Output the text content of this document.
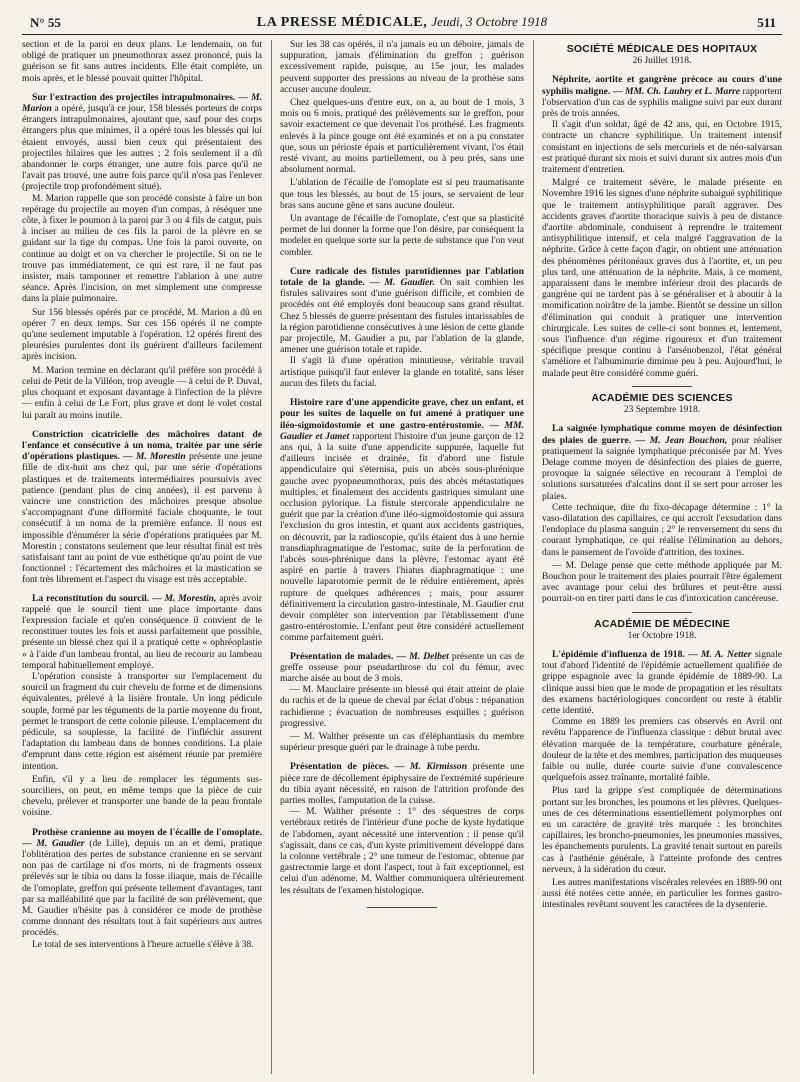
N° 55	LA PRESSE MÉDICALE, Jeudi, 3 Octobre 1918	511

section et de la paroi en deux plans. Le lendemain, on fut obligé de pratiquer un pneumothorax assez prononcé, puis la guérison se fit sans autres incidents. Elle était complète, un mois après, et le blessé pouvait quitter l'hôpital.

Sur l'extraction des projectiles intrapulmonaires. — M. Marion a opéré, jusqu'à ce jour, 158 blessés porteurs de corps étrangers intrapulmonaires, ajoutant que, sauf pour des corps étrangers plus que minimes, il a opéré tous les blessés qui lui étaient envoyés, aussi bien ceux qui présentaient des projectiles hilaires que les autres ; 2 fois seulement il a dû abandonner le corps étranger, une autre fois parce qu'il ne l'avait pas trouvé, une autre fois parce qu'il n'osa pas l'enlever (projectile trop profondément situé).

M. Marion rappelle que son procédé consiste à faire un bon repérage du projectile au moyen d'un compas, à réséquer une côte, à fixer le poumon à la paroi par 3 ou 4 fils de catgut, puis à inciser au milieu de ces fils la paroi de la plèvre en se guidant sur la tige du compas. Une fois la paroi ouverte, on continue au doigt et on va chercher le projectile. Si on ne le trouve pas immédiatement, ce qui est rare, il ne faut pas insister, mais tamponner et remettre l'ablation à une autre séance. Après l'incision, on met simplement une compresse dans la plaie pulmonaire.

Sur 156 blessés opérés par ce procédé, M. Marion a dû en opérer 7 en deux temps. Sur ces 156 opérés il ne compte qu'une seulement imputable à l'opération. 12 opérés firent des pleurésies purulentes dont ils guérirent d'ailleurs facilement après incision.

M. Marion termine en déclarant qu'il préfère son procédé à celui de Petit de la Villéon, trop aveugle — à celui de P. Duval, plus choquant et exposant davantage à l'infection de la plèvre — enfin à celui de Le Fort, plus grave et dont le volet costal lui paraît au moins inutile.

Constriction cicatricielle des mâchoires datant de l'enfance et consécutive à un noma, traitée par une série d'opérations plastiques. — M. Morestin présente une jeune fille de dix-huit ans chez qui, par une série d'opérations plastiques et de traitements intermédiaires poursuivis avec patience (pendant plus de cinq années), il est parvenu à vaincre une constriction des mâchoires presque absolue s'accompagnant d'une difformité faciale choquante, le tout consécutif à un noma de la première enfance. Il nous est impossible d'énumérer la série d'opérations pratiquées par M. Morestin ; constatons seulement que leur résultat final est très satisfaisant tant au point de vue esthétique qu'au point de vue fonctionnel : l'écartement des mâchoires et la mastication se font très librement et l'aspect du visage est très acceptable.
La reconstitution du sourcil. — M. Morestin, après avoir rappelé que le sourcil tient une place importante dans l'expression faciale et qu'en conséquence il convient de le reconstituer toutes les fois et aussi parfaitement que possible, présente un blessé chez qui il a pratiqué cette « ophréoplastie » à l'aide d'un lambeau frontal, au lieu de recourir au lambeau temporal habituellement employé.

L'opération consiste à transporter sur l'emplacement du sourcil un fragment du cuir chevelu de forme et de dimensions équivalentes, prélevé à la lisière frontale. Un long pédicule souple, formé par les téguments de la partie moyenne du front, permet le transport de cette colonie pileuse. L'emplacement du pédicule, sa souplesse, la facilité de l'infléchir assurent l'adaptation du lambeau dans de bonnes conditions. La plaie d'emprunt dans cette région est aisément réunie par première intention.

Enfin, s'il y a lieu de remplacer les téguments sus-sourciliers, on peut, en même temps que la pièce de cuir chevelu, prélever et transporter une bande de la peau frontale voisine.

Prothèse cranienne au moyen de l'écaille de l'omoplate. — M. Gaudier (de Lille), depuis un an et demi, pratique l'oblitération des pertes de substance cranienne en se servant non pas de cartilage ni d'os morts, ni de fragments osseux prélevés sur le tibia ou dans la fosse iliaque, mais de l'écaille de l'omoplate, greffon qui présente tellement d'avantages, tant par sa malléabilité que par la facilité de son prélèvement, que M. Gaudier n'hésite pas à considérer ce mode de prothèse comme donnant des résultats tout à fait supérieurs aux autres procédés.

Le total de ses interventions à l'heure actuelle s'élève à 38.

Sur les 38 cas opérés, il n'a jamais eu un déboire, jamais de suppuration, jamais d'élimination du greffon ; guérison excessivement rapide, puisque, au 15e jour, les malades peuvent supporter des pressions au niveau de la prothèse sans accuser aucune douleur.

Chez quelques-uns d'entre eux, on a, au bout de 1 mois, 3 mois ou 6 mois, pratiqué des prélèvements sur le greffon, pour savoir exactement ce que devenait l'os prothésé. Les fragments enlevés à la pince gouge ont été examinés et on a pu constater que, sous un périoste épais et particulièrement vivant, l'os était resté vivant, au moins partiellement, ou à peu près, sans une absolument normal.

L'ablation de l'écaille de l'omoplate est si peu traumatisante que tous les blessés, au bout de 15 jours, se servaient de leur bras sans aucune gêne et sans aucune douleur.

Un avantage de l'écaille de l'omoplate, c'est que sa plasticité permet de lui donner la forme que l'on désire, par conséquent la modeler en quelque sorte sur la perte de substance que l'on veut combler.

Cure radicale des fistules parotidiennes par l'ablation totale de la glande. — M. Gaudier. On sait combien les fistules salivaires sont d'une guérison difficile, et combien de procédés ont été employés dont beaucoup sans grand résultat. Chez 5 blessés de guerre présentant des fistules intarissables de la région parotidienne consécutives à une lésion de cette glande par projectile, M. Gaudier a pu, par l'ablation de la glande, amener une guérison totale et rapide.

Il s'agit là d'une opération minutieuse, véritable travail artistique puisqu'il faut enlever la glande en totalité, sans léser aucun des filets du facial.

Histoire rare d'une appendicite grave, chez un enfant, et pour les suites de laquelle on fut amené à pratiquer une iléo-sigmoïdostomie et une gastro-entérostomie. — MM. Gaudier et Jamet rapportent l'histoire d'un jeune garçon de 12 ans qui, à la suite d'une appendicite suppurée, laquelle fut d'ailleurs incisée et drainée, fit d'abord une fistule appendiculaire qui s'éternisa, puis un abcès sous-phrénique gauche avec pyopneumothorax, puis des abcès métastatiques multiples, et finalement des accidents gastriques simulant une occlusion pylorique. La fistule stercorale appendiculaire ne guérit que par la création d'une iléo-sigmoïdostomie qui assura l'exclusion du gros intestin, et quant aux accidents gastriques, on découvrit, par la radioscopie, qu'ils étaient dus à une hernie transdiaphragmatique de l'estomac, suite de la perforation de l'abcès sous-phrénique dans la plèvre, l'estomac ayant été aspiré en partie à travers l'hiatus diaphragmatique : une nouvelle laparotomie permit de le réduire entièrement, après rupture de quelques adhérences ; mais, pour assurer définitivement la circulation gastro-intestinale, M. Gaudier crut devoir compléter son intervention par l'établissement d'une gastro-entérostomie. L'enfant peut être considéré actuellement comme parfaitement guéri.
Présentation de malades. — M. Delbet présente un cas de greffe osseuse pour pseudarthrose du col du fémur, avec marche aisée au bout de 3 mois.

— M. Mauclaire présente un blessé qui était atteint de plaie du rachis et de la queue de cheval par éclat d'obus : trépanation rachidienne ; évacuation de nombreuses esquilles ; guérison progressive.

— M. Walther présente un cas d'éléphantiasis du membre supérieur presque guéri par le drainage à tube perdu.

Présentation de pièces. — M. Kirmisson présente une pièce rare de décollement épiphysaire de l'extrémité supérieure du tibia ayant nécessité, en raison de l'attrition profonde des parties molles, l'amputation de la cuisse.

— M. Walther présente : 1° des séquestres de corps vertébraux retirés de l'intérieur d'une poche de kyste hydatique de l'abdomen, ayant nécessité une intervention : il pense qu'il s'agissait, dans ce cas, d'un kyste primitivement développé dans la colonne vertébrale ; 2° une tumeur de l'estomac, obtenue par gastrectomie large et dont l'aspect, tout à fait exceptionnel, est celui d'un adénome. M. Walther communiquera ultérieurement les résultats de l'examen histologique.

SOCIÉTÉ MÉDICALE DES HOPITAUX
26 Juillet 1918.
Néphrite, aortite et gangrène précoce au cours d'une syphilis maligne. — MM. Ch. Laubry et L. Marre rapportent l'observation d'un cas de syphilis maligne suivi par eux durant près de trois années.

Il s'agit d'un soldat, âgé de 42 ans, qui, en Octobre 1915, contracte un chancre syphilitique. Un traitement intensif consistant en injections de sels mercuriels et de néo-salvarsan est pratiqué durant six mois et suivi durant six autres mois d'un traitement d'entretien.

Malgré ce traitement sévère, le malade présente en Novembre 1916 les signes d'une néphrite subaiguë syphilitique que le traitement antisyphilitique paraît aggraver. Des accidents graves d'aortite thoracique suivis à peu de distance d'aortite abdominale, conduisent à reprendre le traitement antisyphilitique intensif, et cela malgré l'aggravation de la néphrite. Grâce à cette façon d'agir, on obtient une atténuation des phénomènes péritonéaux graves dus à l'aortite, et, un peu plus tard, une atténuation de la néphrite. Mais, à ce moment, apparaissent dans le membre inférieur droit des placards de gangrène qui ne tardent pas à se généraliser et à aboutir à la momification noirâtre de la jambe. Bientôt se dessine un sillon d'élimination qui conduit à pratiquer une intervention chirurgicale. Les suites de celle-ci sont bonnes et, lentement, sous l'influence d'un régime rigoureux et d'un traitement spécifique presque continu à l'arsénobenzol, l'état général s'améliore et l'albuminurie diminue peu à peu. Aujourd'hui, le malade peut être considéré comme guéri.

ACADÉMIE DES SCIENCES
23 Septembre 1918.
La saignée lymphatique comme moyen de désinfection des plaies de guerre. — M. Jean Bouchon, pour réaliser pratiquement la saignée lymphatique préconisée par M. Yves Delage comme moyen de désinfection des plaies de guerre, provoque la saignée sélective en recourant à l'emploi de solutions sursaturées d'alcalins dont il se sert pour arroser les plaies.

Cette technique, dite du fixo-décapage détermine : 1° la vaso-dilatation des capillaires, ce qui accroît l'exsudation dans l'endoplace du plasma sanguin ; 2° le renversement du sens du courant lymphatique, ce qui réalise l'élimination au dehors, dans le pansement de l'ovoïde d'attrition, des toxines.

— M. Delage pense que cette méthode appliquée par M. Bouchon pour le traitement des plaies pourrait l'être également avec avantage pour celui des brûlures et peut-être aussi pourrait-on en tirer parti dans le cas d'intoxication cancéreuse.

ACADÉMIE DE MÉDECINE
1er Octobre 1918.
L'épidémie d'influenza de 1918. — M. A. Netter signale tout d'abord l'identité de l'épidémie actuellement qualifiée de grippe espagnole avec la grande épidémie de 1889-90. La clinique aussi bien que le mode de propagation et les résultats des examens bactériologiques concordent ou reste à établir cette identité.

Comme en 1889 les premiers cas observés en Avril ont revêtu l'apparence de l'influenza classique : début brutal avec élévation marquée de la température, courbature générale, douleur de la tête et des membres, participation des muqueuses faible ou nulle, durée courte suivie d'une convalescence quelquefois assez traînante, mortalité faible.

Plus tard la grippe s'est compliquée de déterminations portant sur les bronches, les poumons et les plèvres. Quelques-unes de ces déterminations essentiellement polymorphes ont eu un caractère de gravité très marquée : les bronchites capillaires, les broncho-pneumonies, les pneumonies massives, les épanchements purulents. La gravité tenait surtout en pareils cas à l'asthénie générale, à l'atteinte profonde des centres nerveux, à la sidération du cœur.

Les autres manifestations viscérales relevées en 1889-90 ont aussi été notées cette année, en particulier les formes gastro-intestinales revêtant souvent les caractères de la dysenterie.
